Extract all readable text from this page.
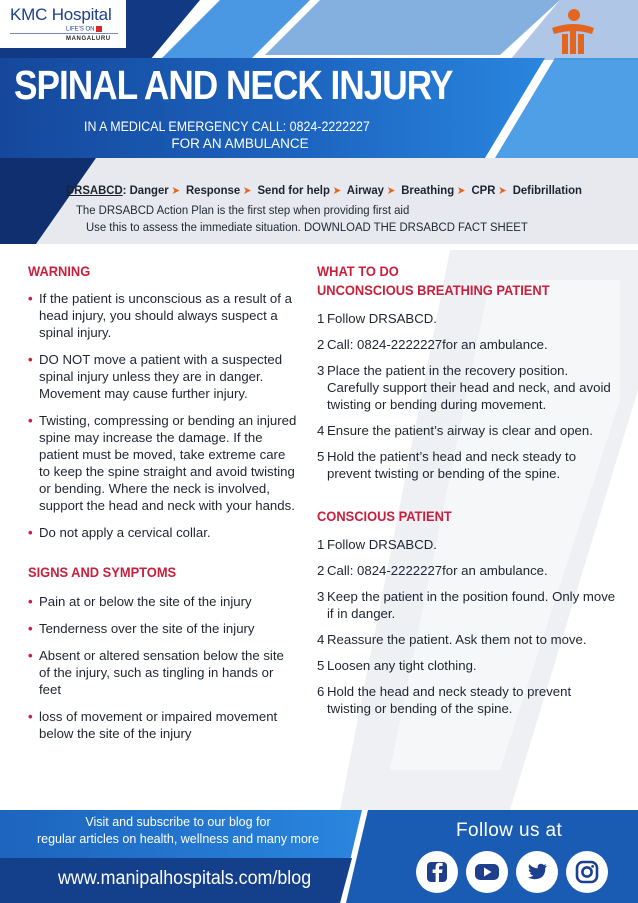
KMC Hospital
LIFE'S ON
MANGALURU
SPINAL AND NECK INJURY
IN A MEDICAL EMERGENCY CALL: 0824-2222227
FOR AN AMBULANCE
DRSABCD: Danger ➤ Response ➤ Send for help ➤ Airway ➤ Breathing ➤ CPR ➤ Defibrillation
The DRSABCD Action Plan is the first step when providing first aid
Use this to assess the immediate situation. DOWNLOAD THE DRSABCD FACT SHEET
WARNING
• If the patient is unconscious as a result of a head injury, you should always suspect a spinal injury.
• DO NOT move a patient with a suspected spinal injury unless they are in danger. Movement may cause further injury.
• Twisting, compressing or bending an injured spine may increase the damage. If the patient must be moved, take extreme care to keep the spine straight and avoid twisting or bending. Where the neck is involved, support the head and neck with your hands.
• Do not apply a cervical collar.
SIGNS AND SYMPTOMS
• Pain at or below the site of the injury
• Tenderness over the site of the injury
• Absent or altered sensation below the site of the injury, such as tingling in hands or feet
• loss of movement or impaired movement below the site of the injury
WHAT TO DO
UNCONSCIOUS BREATHING PATIENT
1 Follow DRSABCD.
2 Call: 0824-2222227for an ambulance.
3 Place the patient in the recovery position. Carefully support their head and neck, and avoid twisting or bending during movement.
4 Ensure the patient’s airway is clear and open.
5 Hold the patient’s head and neck steady to prevent twisting or bending of the spine.
CONSCIOUS PATIENT
1 Follow DRSABCD.
2 Call: 0824-2222227for an ambulance.
3 Keep the patient in the position found. Only move if in danger.
4 Reassure the patient. Ask them not to move.
5 Loosen any tight clothing.
6 Hold the head and neck steady to prevent twisting or bending of the spine.
Visit and subscribe to our blog for
regular articles on health, wellness and many more
www.manipalhospitals.com/blog
Follow us at
